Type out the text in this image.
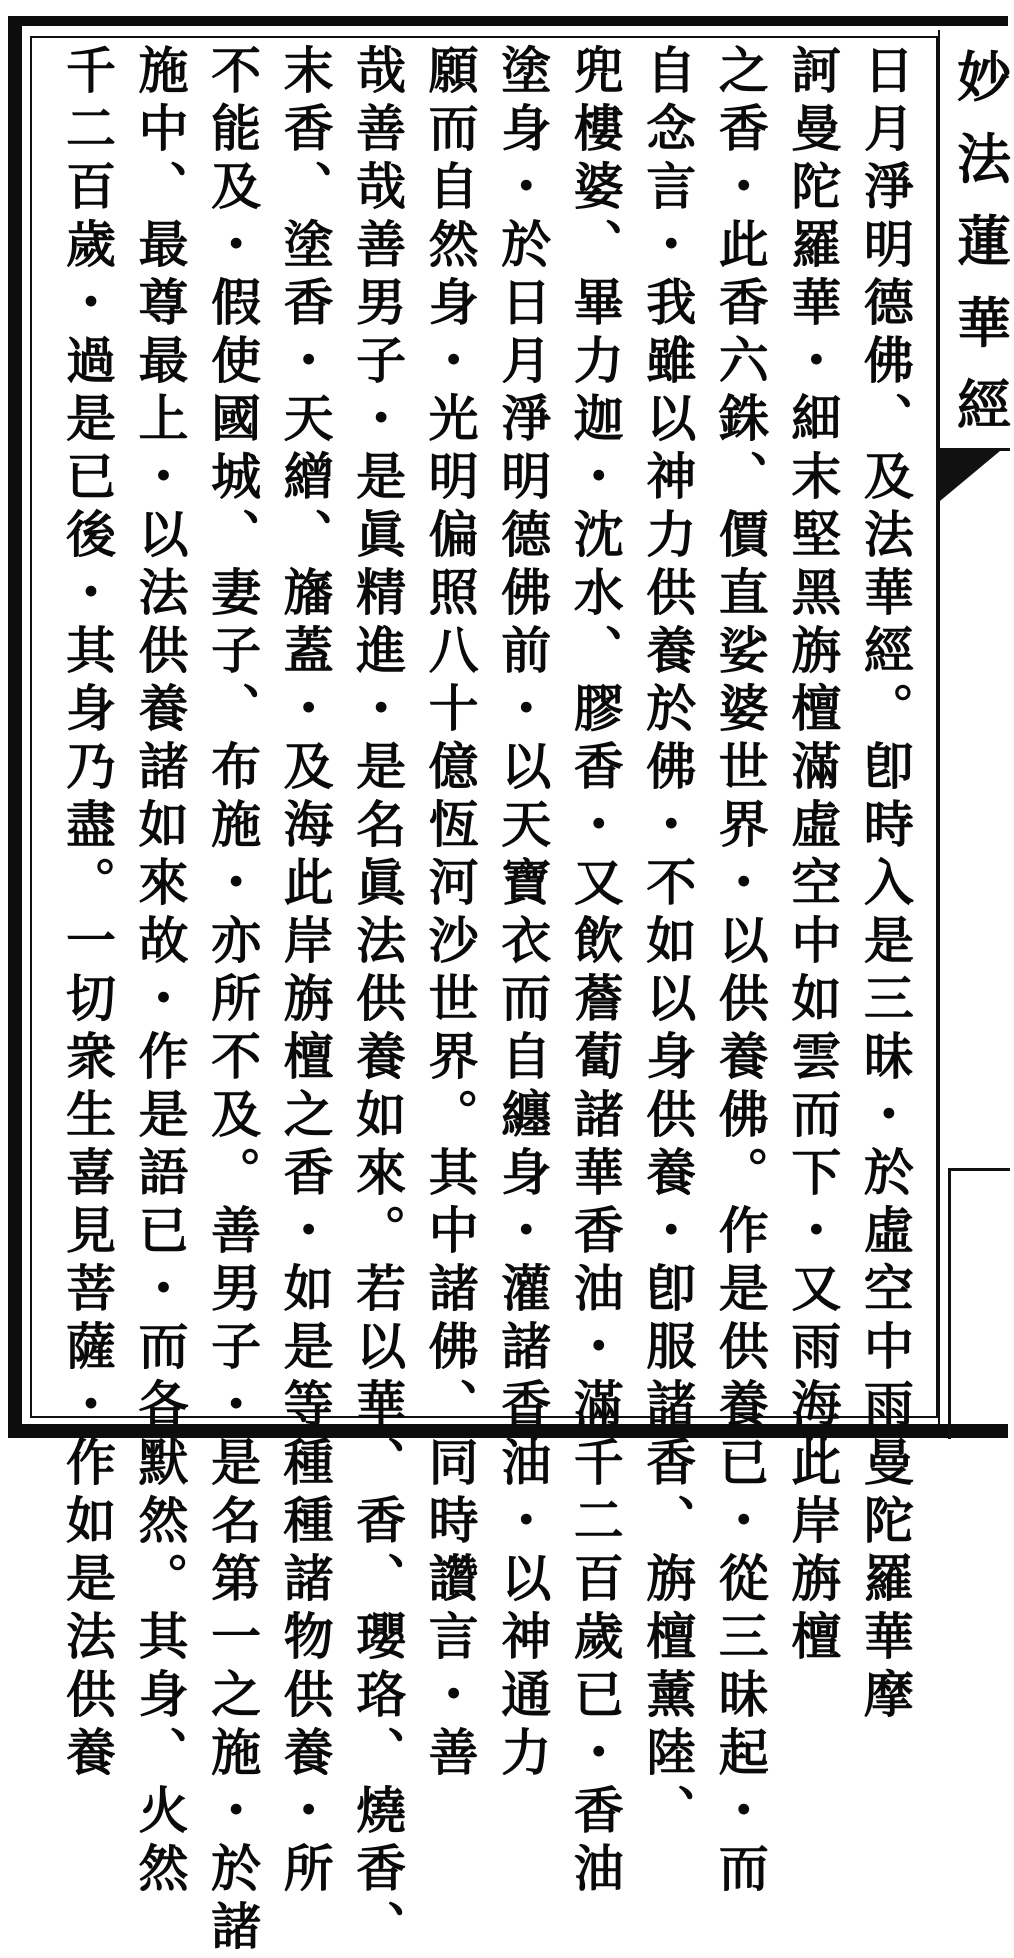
妙
法
蓮
華
經
日月淨明德佛、及法華經。卽時入是三昧・於虛空中雨曼陀羅華摩
訶曼陀羅華・細末堅黑旃檀滿虛空中如雲而下・又雨海此岸旃檀
之香・此香六銖、價直娑婆世界・以供養佛。作是供養已・從三昧起・而
自念言・我雖以神力供養於佛・不如以身供養・卽服諸香、旃檀薰陸、
兜樓婆、畢力迦・沈水、膠香・又飲薝蔔諸華香油・滿千二百歲已・香油
塗身・於日月淨明德佛前・以天寶衣而自纏身・灌諸香油・以神通力
願而自然身・光明偏照八十億恆河沙世界。其中諸佛、同時讚言・善
哉善哉善男子・是眞精進・是名眞法供養如來。若以華、香、瓔珞、燒香、
末香、塗香・天繒、旛蓋・及海此岸旃檀之香・如是等種種諸物供養・所
不能及・假使國城、妻子、布施・亦所不及。善男子・是名第一之施・於諸
施中、最尊最上・以法供養諸如來故・作是語已・而各默然。其身、火然
千二百歲・過是已後・其身乃盡。一切衆生喜見菩薩・作如是法供養
